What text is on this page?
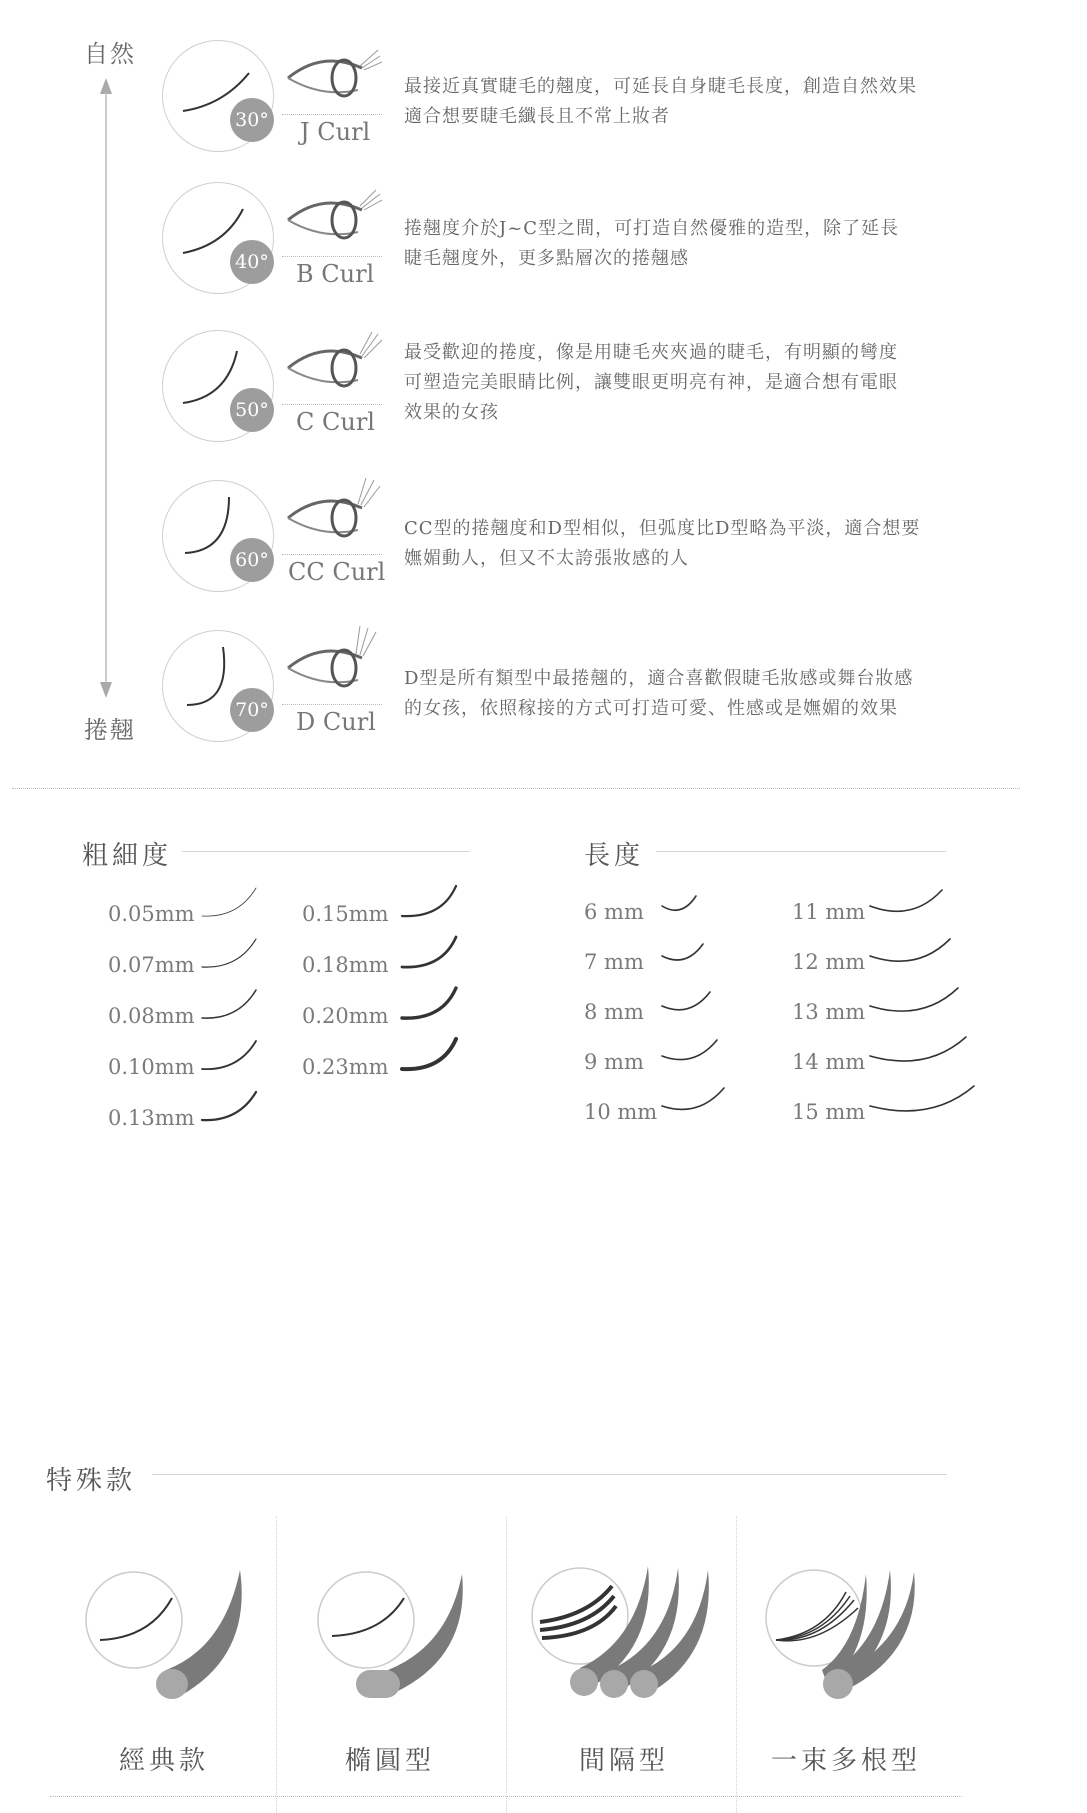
自然
捲翹
30° J Curl
最接近真實睫毛的翹度，可延長自身睫毛長度，創造自然效果
適合想要睫毛纖長且不常上妝者
40° B Curl
捲翹度介於J~C型之間，可打造自然優雅的造型，除了延長
睫毛翹度外，更多點層次的捲翹感
50° C Curl
最受歡迎的捲度，像是用睫毛夾夾過的睫毛，有明顯的彎度
可塑造完美眼睛比例，讓雙眼更明亮有神，是適合想有電眼
效果的女孩
60° CC Curl
CC型的捲翹度和D型相似，但弧度比D型略為平淡，適合想要
嫵媚動人，但又不太誇張妝感的人
70° D Curl
D型是所有類型中最捲翹的，適合喜歡假睫毛妝感或舞台妝感
的女孩，依照稼接的方式可打造可愛、性感或是嫵媚的效果
粗細度
0.05mm
0.07mm
0.08mm
0.10mm
0.13mm
0.15mm
0.18mm
0.20mm
0.23mm
長度
6 mm
7 mm
8 mm
9 mm
10 mm
11 mm
12 mm
13 mm
14 mm
15 mm
特殊款
經典款	橢圓型	間隔型	一束多根型
